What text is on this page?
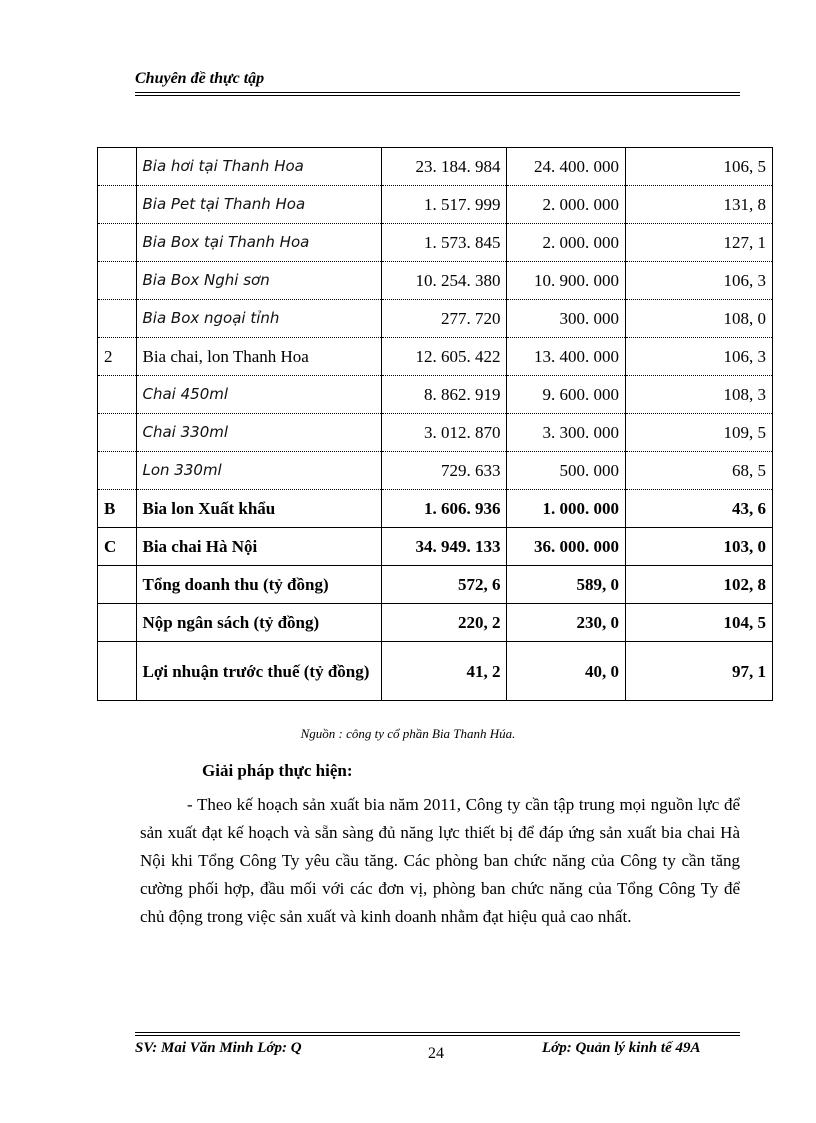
Chuyên đề thực tập
	Bia hơi tại Thanh Hoa	23. 184. 984	24. 400. 000	106, 5
	Bia Pet tại Thanh Hoa	1. 517. 999	2. 000. 000	131, 8
	Bia Box tại Thanh Hoa	1. 573. 845	2. 000. 000	127, 1
	Bia Box Nghi sơn	10. 254. 380	10. 900. 000	106, 3
	Bia Box ngoại tỉnh	277. 720	300. 000	108, 0
2	Bia chai, lon Thanh Hoa	12. 605. 422	13. 400. 000	106, 3
	Chai 450ml	8. 862. 919	9. 600. 000	108, 3
	Chai 330ml	3. 012. 870	3. 300. 000	109, 5
	Lon 330ml	729. 633	500. 000	68, 5
B	Bia lon Xuất khẩu	1. 606. 936	1. 000. 000	43, 6
C	Bia chai Hà Nội	34. 949. 133	36. 000. 000	103, 0
	Tổng doanh thu (tỷ đồng)	572, 6	589, 0	102, 8
	Nộp ngân sách (tỷ đồng)	220, 2	230, 0	104, 5
	Lợi nhuận trước thuế (tỷ đồng)	41, 2	40, 0	97, 1
Nguồn : công ty cổ phần Bia Thanh Húa.
Giải pháp thực hiện:
- Theo kế hoạch sản xuất bia năm 2011, Công ty cần tập trung mọi nguồn lực để sản xuất đạt kế hoạch và sẵn sàng đủ năng lực thiết bị để đáp ứng sản xuất bia chai Hà Nội khi Tổng Công Ty yêu cầu tăng. Các phòng ban chức năng của Công ty cần tăng cường phối hợp, đầu mối với các đơn vị, phòng ban chức năng của Tổng Công Ty để chủ động trong việc sản xuất và kinh doanh nhằm đạt hiệu quả cao nhất.
SV: Mai Văn Minh Lớp: Q	24	Lớp: Quản lý kinh tế 49A
